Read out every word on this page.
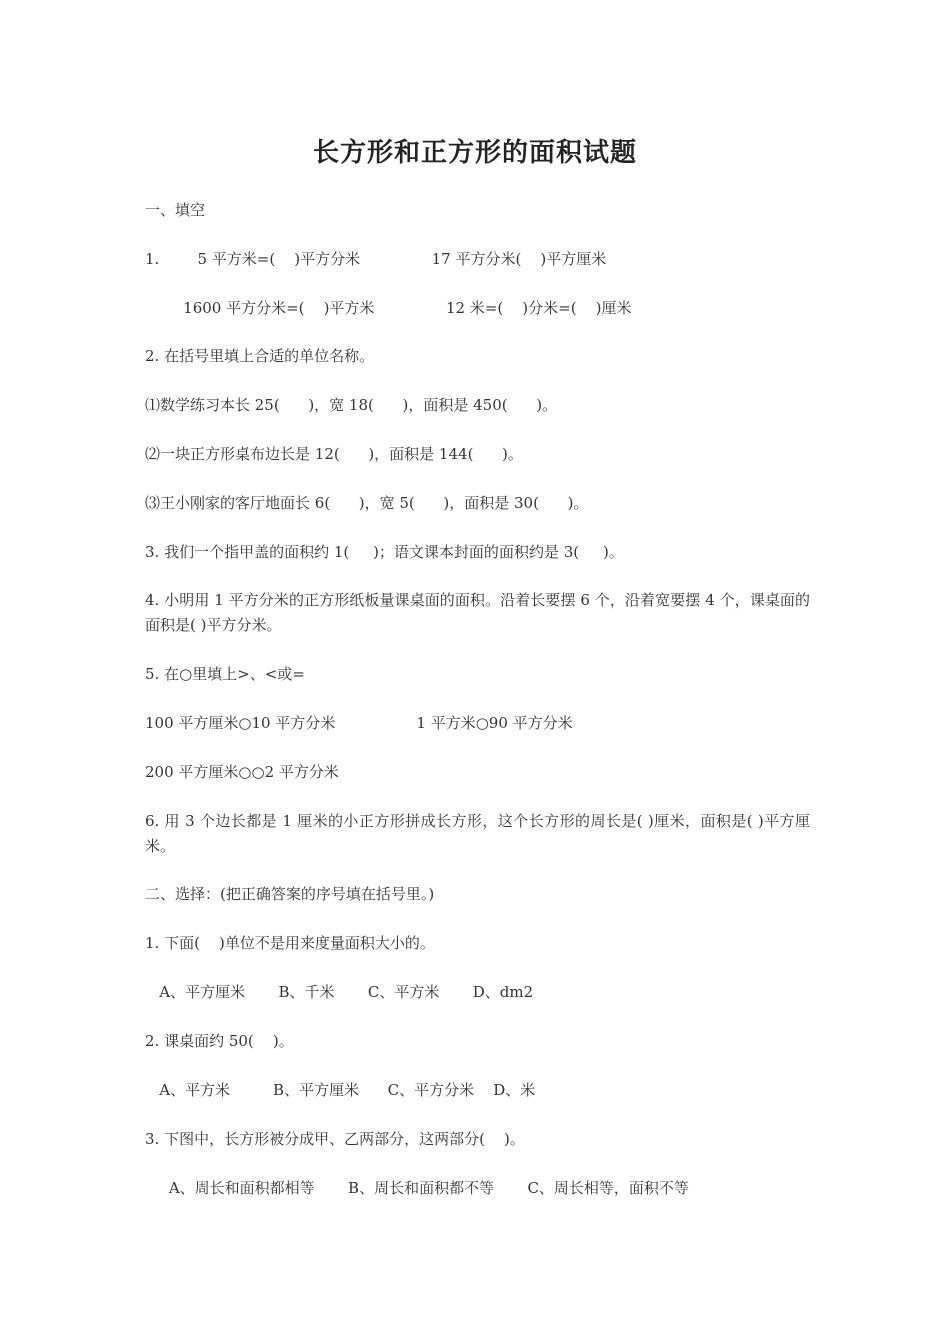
长方形和正方形的面积试题
一、填空
1.        5 平方米=(    )平方分米               17 平方分米(    )平方厘米
1600 平方分米=(    )平方米               12 米=(    )分米=(    )厘米
2. 在括号里填上合适的单位名称。
⑴数学练习本长 25(      )，宽 18(      )，面积是 450(      )。
⑵一块正方形桌布边长是 12(      )，面积是 144(      )。
⑶王小刚家的客厅地面长 6(      )，宽 5(      )，面积是 30(      )。
3. 我们一个指甲盖的面积约 1(     )；语文课本封面的面积约是 3(     )。
4. 小明用 1 平方分米的正方形纸板量课桌面的面积。沿着长要摆 6 个，沿着宽要摆 4 个，课桌面的面积是( )平方分米。
5. 在○里填上>、<或=
100 平方厘米○10 平方分米                 1 平方米○90 平方分米
200 平方厘米○○2 平方分米
6. 用 3 个边长都是 1 厘米的小正方形拼成长方形，这个长方形的周长是( )厘米，面积是( )平方厘米。
二、选择：(把正确答案的序号填在括号里。)
1. 下面(    )单位不是用来度量面积大小的。
A、平方厘米       B、千米       C、平方米       D、dm2
2. 课桌面约 50(    )。
A、平方米         B、平方厘米      C、平方分米    D、米
3. 下图中，长方形被分成甲、乙两部分，这两部分(    )。
A、周长和面积都相等       B、周长和面积都不等       C、周长相等，面积不等
